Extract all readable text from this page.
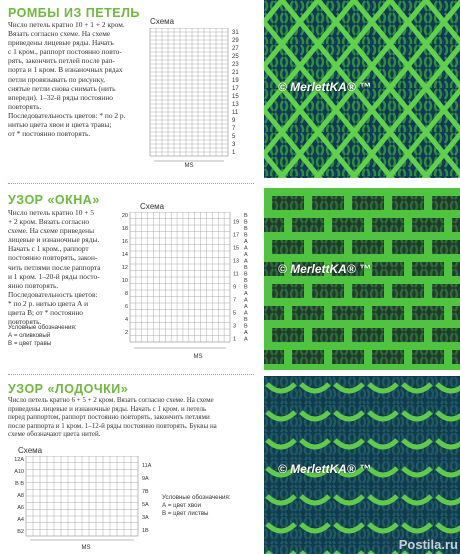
РОМБЫ ИЗ ПЕТЕЛЬ
Число петель кратно 10 + 1 + 2 кром.
Вязать согласно схеме. На схеме
приведены лицевые ряды. Начать
с 1 кром., раппорт постоянно повто-
рять, закончить петлей после рап-
порта и 1 кром. В изнаночных рядах
петли провязывать по рисунку,
снятые петли снова снимать (нить
впереди). 1–32-й ряды постоянно
повторять.
Последовательность цветов: * по 2 р.
нитью цвета хвои и цвета травы;
от * постоянно повторять.
Схема
31
29
27
25
23
21
19
17
15
13
11
9
7
5
3
1
MS
© MerlettKA® ™
УЗОР «ОКНА»
Число петель кратно 10 + 5
+ 2 кром. Вязать согласно
схеме. На схеме приведены
лицевые и изнаночные ряды.
Начать с 1 кром., раппорт
постоянно повторять, закон-
чить петлями после раппорта
и 1 кром. 1–20-й ряды посто-
янно повторять.
Последовательность цветов:
* по 2 р. нитью цвета А и
цвета В; от * постоянно
повторять.
Условные обозначения:
А = оливковый
В = цвет травы
Схема
20
18
16
14
12
10
8
6
4
2
19
17
15
13
11
9
7
5
3
1
В
В
В
В
А
А
А
А
В
В
В
В
А
А
А
А
В
В
А
А
MS
© MerlettKA® ™
УЗОР «ЛОДОЧКИ»
Число петель кратно 6 + 5 + 2 кром. Вязать согласно схеме. На схеме
приведены лицевые и изнаночные ряды. Начать с 1 кром. и петель
перед раппортом, раппорт постоянно повторять, закончить петлями
после раппорта и 1 кром. 1–12-й ряды постоянно повторять. Буквы на
схеме обозначают цвета нитей.
Схема
12А
А10
В В
А8
А6
А4
В2
11А
9А
7В
5А
3А
1В
MS
Условные обозначения:
А = цвет хвои
В = цвет листвы
© MerlettKA® ™
Postila.ru
